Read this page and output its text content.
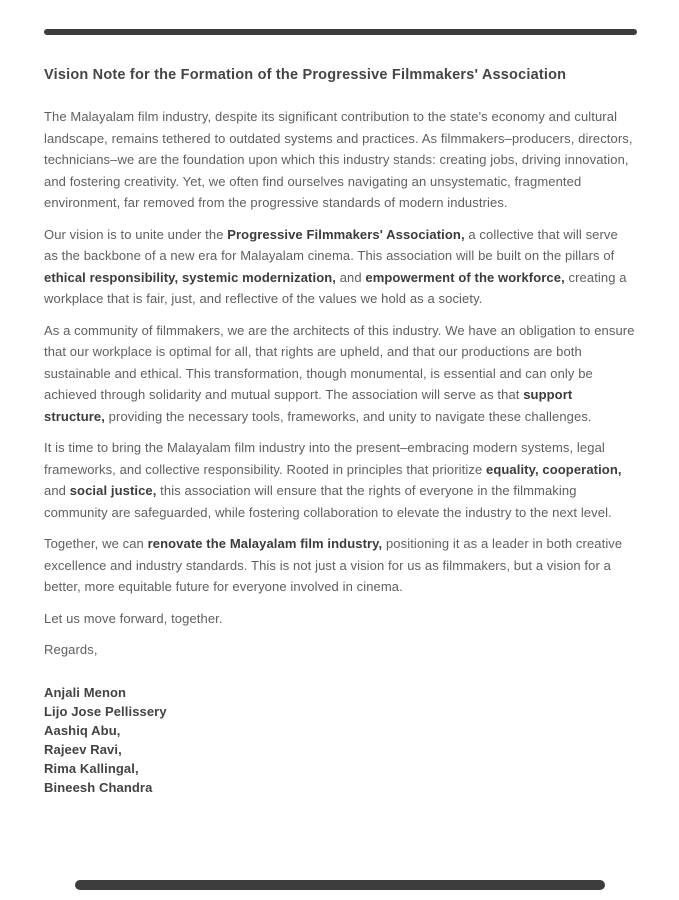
Vision Note for the Formation of the Progressive Filmmakers' Association

The Malayalam film industry, despite its significant contribution to the state's economy and cultural landscape, remains tethered to outdated systems and practices. As filmmakers–producers, directors, technicians–we are the foundation upon which this industry stands: creating jobs, driving innovation, and fostering creativity. Yet, we often find ourselves navigating an unsystematic, fragmented environment, far removed from the progressive standards of modern industries.

Our vision is to unite under the Progressive Filmmakers' Association, a collective that will serve as the backbone of a new era for Malayalam cinema. This association will be built on the pillars of ethical responsibility, systemic modernization, and empowerment of the workforce, creating a workplace that is fair, just, and reflective of the values we hold as a society.

As a community of filmmakers, we are the architects of this industry. We have an obligation to ensure that our workplace is optimal for all, that rights are upheld, and that our productions are both sustainable and ethical. This transformation, though monumental, is essential and can only be achieved through solidarity and mutual support. The association will serve as that support structure, providing the necessary tools, frameworks, and unity to navigate these challenges.

It is time to bring the Malayalam film industry into the present–embracing modern systems, legal frameworks, and collective responsibility. Rooted in principles that prioritize equality, cooperation, and social justice, this association will ensure that the rights of everyone in the filmmaking community are safeguarded, while fostering collaboration to elevate the industry to the next level.

Together, we can renovate the Malayalam film industry, positioning it as a leader in both creative excellence and industry standards. This is not just a vision for us as filmmakers, but a vision for a better, more equitable future for everyone involved in cinema.

Let us move forward, together.

Regards,

Anjali Menon
Lijo Jose Pellissery
Aashiq Abu,
Rajeev Ravi,
Rima Kallingal,
Bineesh Chandra
